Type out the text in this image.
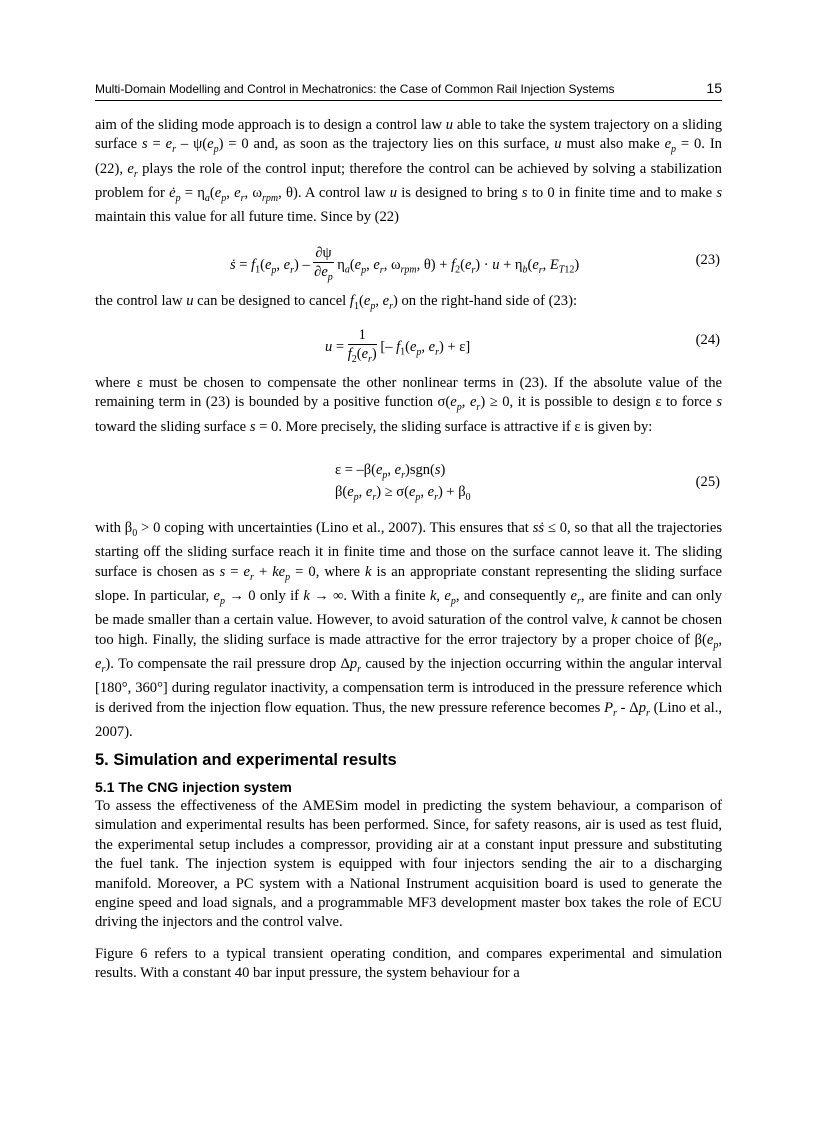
Multi-Domain Modelling and Control in Mechatronics: the Case of Common Rail Injection Systems	15

aim of the sliding mode approach is to design a control law u able to take the system trajectory on a sliding surface $s = e_r - \psi(e_p) = 0$ and, as soon as the trajectory lies on this surface, u must also make $e_p = 0$. In (22), $e_r$ plays the role of the control input; therefore the control can be achieved by solving a stabilization problem for $ė_p = \eta_a(e_p$, $e_r$, $\omega_{rpm}$, θ). A control law u is designed to bring s to 0 in finite time and to make s maintain this value for all future time. Since by (22)

ṡ = $f_1(e_p$, $e_r) - \frac{\partial\psi}{\partial e_p} \eta_a(e_p$, $e_r$, $\omega_{rpm}$, $\theta) + f_2(e_r) \cdot u + \eta_b(e_r$, $E_{T12}$)	(23)

the control law u can be designed to cancel $f_1(e_p$, $e_r$) on the right-hand side of (23):

$u = \frac{1}{f_2(e_r)}$ [– $f_1(e_p$, $e_r) + \varepsilon$]	(24)

where ε must be chosen to compensate the other nonlinear terms in (23). If the absolute value of the remaining term in (23) is bounded by a positive function $\sigma(e_p$, $e_r) \ge 0$, it is possible to design ε to force s toward the sliding surface s = 0. More precisely, the sliding surface is attractive if ε is given by:

$\varepsilon = -\beta(e_p$, $e_r)sgn(s)$
$\beta(e_p$, $e_r) \ge \sigma(e_p$, $e_r) + \beta_0$
(25)

with $\beta_0 > 0$ coping with uncertainties (Lino et al., 2007). This ensures that sṡ ≤ 0, so that all the trajectories starting off the sliding surface reach it in finite time and those on the surface cannot leave it. The sliding surface is chosen as $s = e_r + ke_p = 0$, where k is an appropriate constant representing the sliding surface slope. In particular, $e_p \to 0$ only if k → ∞. With a finite k, $e_p$, and consequently $e_r$, are finite and can only be made smaller than a certain value. However, to avoid saturation of the control valve, k cannot be chosen too high. Finally, the sliding surface is made attractive for the error trajectory by a proper choice of $\beta(e_p$, $e_r$). To compensate the rail pressure drop $\Delta p_r$ caused by the injection occurring within the angular interval [180°, 360°] during regulator inactivity, a compensation term is introduced in the pressure reference which is derived from the injection flow equation. Thus, the new pressure reference becomes $P_r - \Delta p_r$ (Lino et al., 2007).

5. Simulation and experimental results
5.1 The CNG injection system

To assess the effectiveness of the AMESim model in predicting the system behaviour, a comparison of simulation and experimental results has been performed. Since, for safety reasons, air is used as test fluid, the experimental setup includes a compressor, providing air at a constant input pressure and substituting the fuel tank. The injection system is equipped with four injectors sending the air to a discharging manifold. Moreover, a PC system with a National Instrument acquisition board is used to generate the engine speed and load signals, and a programmable MF3 development master box takes the role of ECU driving the injectors and the control valve.

Figure 6 refers to a typical transient operating condition, and compares experimental and simulation results. With a constant 40 bar input pressure, the system behaviour for a
